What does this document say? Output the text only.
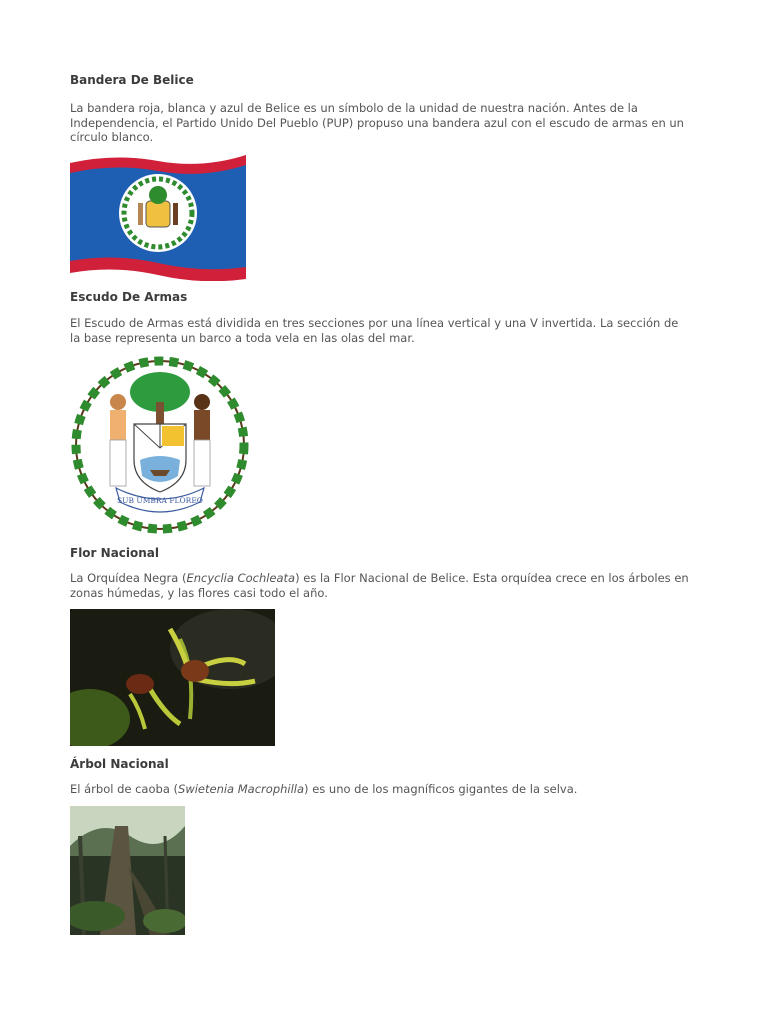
Bandera De Belice

La bandera roja, blanca y azul de Belice es un símbolo de la unidad de nuestra nación. Antes de la Independencia, el Partido Unido Del Pueblo (PUP) propuso una bandera azul con el escudo de armas en un círculo blanco.

Escudo De Armas

El Escudo de Armas está dividida en tres secciones por una línea vertical y una V invertida. La sección de la base representa un barco a toda vela en las olas del mar.

SUB UMBRA FLOREO
Flor Nacional

La Orquídea Negra (Encyclia Cochleata) es la Flor Nacional de Belice. Esta orquídea crece en los árboles en zonas húmedas, y las flores casi todo el año.

Árbol Nacional

El árbol de caoba (Swietenia Macrophilla) es uno de los magníficos gigantes de la selva.
